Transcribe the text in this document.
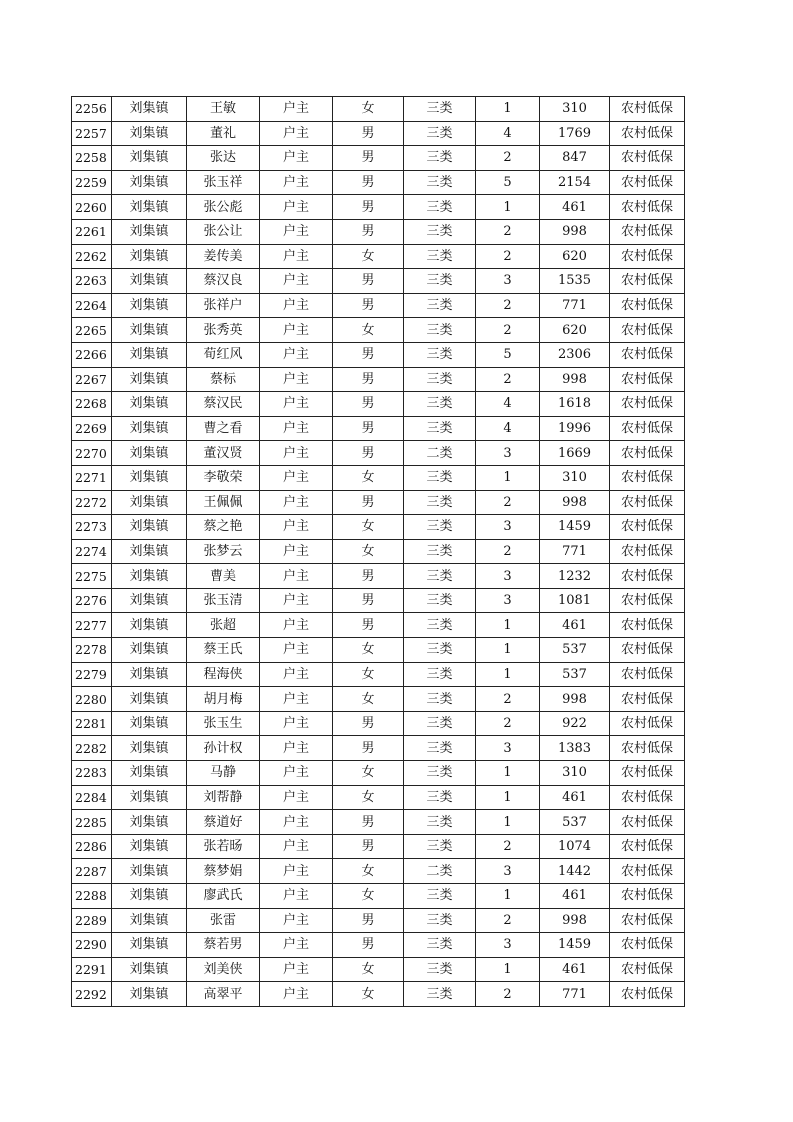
2256	刘集镇	王敏	户主	女	三类	1	310	农村低保
2257	刘集镇	董礼	户主	男	三类	4	1769	农村低保
2258	刘集镇	张达	户主	男	三类	2	847	农村低保
2259	刘集镇	张玉祥	户主	男	三类	5	2154	农村低保
2260	刘集镇	张公彪	户主	男	三类	1	461	农村低保
2261	刘集镇	张公让	户主	男	三类	2	998	农村低保
2262	刘集镇	姜传美	户主	女	三类	2	620	农村低保
2263	刘集镇	蔡汉良	户主	男	三类	3	1535	农村低保
2264	刘集镇	张祥户	户主	男	三类	2	771	农村低保
2265	刘集镇	张秀英	户主	女	三类	2	620	农村低保
2266	刘集镇	荀红风	户主	男	三类	5	2306	农村低保
2267	刘集镇	蔡标	户主	男	三类	2	998	农村低保
2268	刘集镇	蔡汉民	户主	男	三类	4	1618	农村低保
2269	刘集镇	曹之看	户主	男	三类	4	1996	农村低保
2270	刘集镇	董汉贤	户主	男	二类	3	1669	农村低保
2271	刘集镇	李敬荣	户主	女	三类	1	310	农村低保
2272	刘集镇	王佩佩	户主	男	三类	2	998	农村低保
2273	刘集镇	蔡之艳	户主	女	三类	3	1459	农村低保
2274	刘集镇	张梦云	户主	女	三类	2	771	农村低保
2275	刘集镇	曹美	户主	男	三类	3	1232	农村低保
2276	刘集镇	张玉清	户主	男	三类	3	1081	农村低保
2277	刘集镇	张超	户主	男	三类	1	461	农村低保
2278	刘集镇	蔡王氏	户主	女	三类	1	537	农村低保
2279	刘集镇	程海侠	户主	女	三类	1	537	农村低保
2280	刘集镇	胡月梅	户主	女	三类	2	998	农村低保
2281	刘集镇	张玉生	户主	男	三类	2	922	农村低保
2282	刘集镇	孙计权	户主	男	三类	3	1383	农村低保
2283	刘集镇	马静	户主	女	三类	1	310	农村低保
2284	刘集镇	刘帮静	户主	女	三类	1	461	农村低保
2285	刘集镇	蔡道好	户主	男	三类	1	537	农村低保
2286	刘集镇	张若旸	户主	男	三类	2	1074	农村低保
2287	刘集镇	蔡梦娟	户主	女	二类	3	1442	农村低保
2288	刘集镇	廖武氏	户主	女	三类	1	461	农村低保
2289	刘集镇	张雷	户主	男	三类	2	998	农村低保
2290	刘集镇	蔡若男	户主	男	三类	3	1459	农村低保
2291	刘集镇	刘美侠	户主	女	三类	1	461	农村低保
2292	刘集镇	高翠平	户主	女	三类	2	771	农村低保
